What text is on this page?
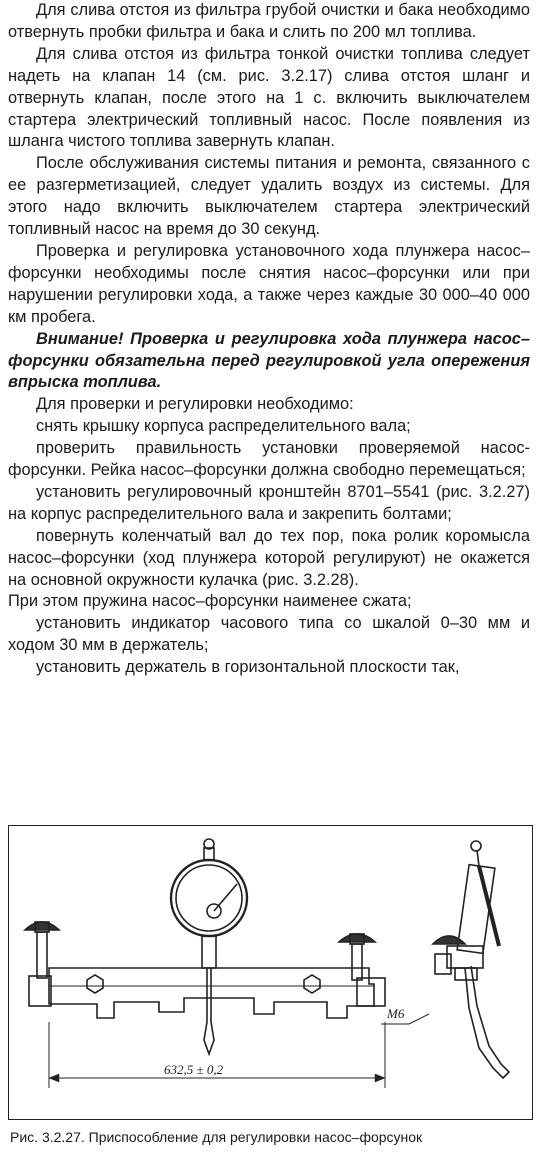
Для слива отстоя из фильтра грубой очистки и бака необходимо отвернуть пробки фильтра и бака и слить по 200 мл топлива.

Для слива отстоя из фильтра тонкой очистки топлива следует надеть на клапан 14 (см. рис. 3.2.17) слива отстоя шланг и отвернуть клапан, после этого на 1 с. включить выключателем стартера электрический топливный насос. После появления из шланга чистого топлива завернуть клапан.

После обслуживания системы питания и ремонта, связанного с ее разгерметизацией, следует удалить воздух из системы. Для этого надо включить выключателем стартера электрический топливный насос на время до 30 секунд.

Проверка и регулировка установочного хода плунжера насос–форсунки необходимы после снятия насос–форсунки или при нарушении регулировки хода, а также через каждые 30 000–40 000 км пробега.

Внимание! Проверка и регулировка хода плунжера насос–форсунки обязательна перед регулировкой угла опережения впрыска топлива.

Для проверки и регулировки необходимо:

снять крышку корпуса распределительного вала;

проверить правильность установки проверяемой насос-форсунки. Рейка насос–форсунки должна свободно перемещаться;

установить регулировочный кронштейн 8701–5541 (рис. 3.2.27) на корпус распределительного вала и закрепить болтами;

повернуть коленчатый вал до тех пор, пока ролик коромысла насос–форсунки (ход плунжера которой регулируют) не окажется на основной окружности кулачка (рис. 3.2.28).

При этом пружина насос–форсунки наименее сжата;

установить индикатор часового типа со шкалой 0–30 мм и ходом 30 мм в держатель;

установить держатель в горизонтальной плоскости так,

632,5 ± 0,2
M6
Рис. 3.2.27. Приспособление для регулировки насос–форсунок
